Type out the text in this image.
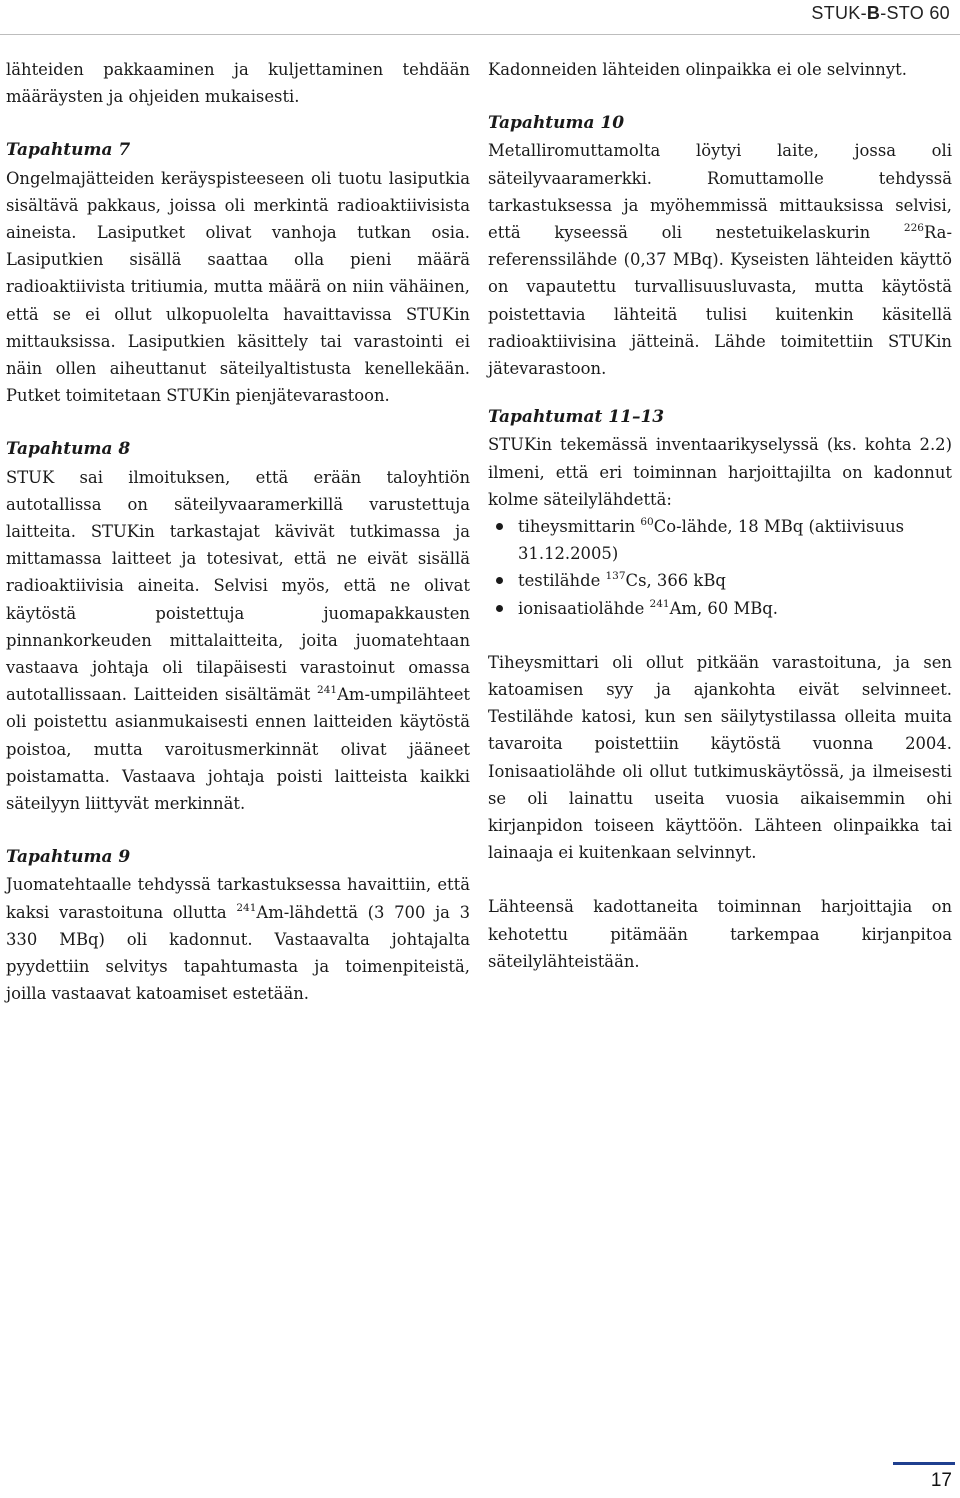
STUK-B-STO 60

lähteiden pakkaaminen ja kuljettaminen tehdään määräysten ja ohjeiden mukaisesti.

Tapahtuma 7

Ongelmajätteiden keräyspisteeseen oli tuotu lasiputkia sisältävä pakkaus, joissa oli merkintä radioaktiivisista aineista. Lasiputket olivat vanhoja tutkan osia. Lasiputkien sisällä saattaa olla pieni määrä radioaktiivista tritiumia, mutta määrä on niin vähäinen, että se ei ollut ulkopuolelta havaittavissa STUKin mittauksissa. Lasiputkien käsittely tai varastointi ei näin ollen aiheuttanut säteilyaltistusta kenellekään. Putket toimitetaan STUKin pienjätevarastoon.

Tapahtuma 8

STUK sai ilmoituksen, että erään taloyhtiön autotallissa on säteilyvaaramerkillä varustettuja laitteita. STUKin tarkastajat kävivät tutkimassa ja mittamassa laitteet ja totesivat, että ne eivät sisällä radioaktiivisia aineita. Selvisi myös, että ne olivat käytöstä poistettuja juomapakkausten pinnankorkeuden mittalaitteita, joita juomatehtaan vastaava johtaja oli tilapäisesti varastoinut omassa autotallissaan. Laitteiden sisältämät $^{241}$Am-umpilähteet oli poistettu asianmukaisesti ennen laitteiden käytöstä poistoa, mutta varoitusmerkinnät olivat jääneet poistamatta. Vastaava johtaja poisti laitteista kaikki säteilyyn liittyvät merkinnät.

Tapahtuma 9

Juomatehtaalle tehdyssä tarkastuksessa havaittiin, että kaksi varastoituna ollutta $^{241}$Am-lähdettä (3 700 ja 3 330 MBq) oli kadonnut. Vastaavalta johtajalta pyydettiin selvitys tapahtumasta ja toimenpiteistä, joilla vastaavat katoamiset estetään.

Kadonneiden lähteiden olinpaikka ei ole selvinnyt.

Tapahtuma 10

Metalliromuttamolta löytyi laite, jossa oli säteilyvaaramerkki. Romuttamolle tehdyssä tarkastuksessa ja myöhemmissä mittauksissa selvisi, että kyseessä oli nestetuikelaskurin $^{226}$Ra-referenssilähde (0,37 MBq). Kyseisten lähteiden käyttö on vapautettu turvallisuusluvasta, mutta käytöstä poistettavia lähteitä tulisi kuitenkin käsitellä radioaktiivisina jätteinä. Lähde toimitettiin STUKin jätevarastoon.

Tapahtumat 11–13

STUKin tekemässä inventaarikyselyssä (ks. kohta 2.2) ilmeni, että eri toiminnan harjoittajilta on kadonnut kolme säteilylähdettä:

tiheysmittarin $^{60}$Co-lähde, 18 MBq (aktiivisuus 31.12.2005)
testilähde $^{137}$Cs, 366 kBq
ionisaatiolähde $^{241}$Am, 60 MBq.

Tiheysmittari oli ollut pitkään varastoituna, ja sen katoamisen syy ja ajankohta eivät selvinneet. Testilähde katosi, kun sen säilytystilassa olleita muita tavaroita poistettiin käytöstä vuonna 2004. Ionisaatiolähde oli ollut tutkimuskäytössä, ja ilmeisesti se oli lainattu useita vuosia aikaisemmin ohi kirjanpidon toiseen käyttöön. Lähteen olinpaikka tai lainaaja ei kuitenkaan selvinnyt.

Lähteensä kadottaneita toiminnan harjoittajia on kehotettu pitämään tarkempaa kirjanpitoa säteilylähteistään.

17
